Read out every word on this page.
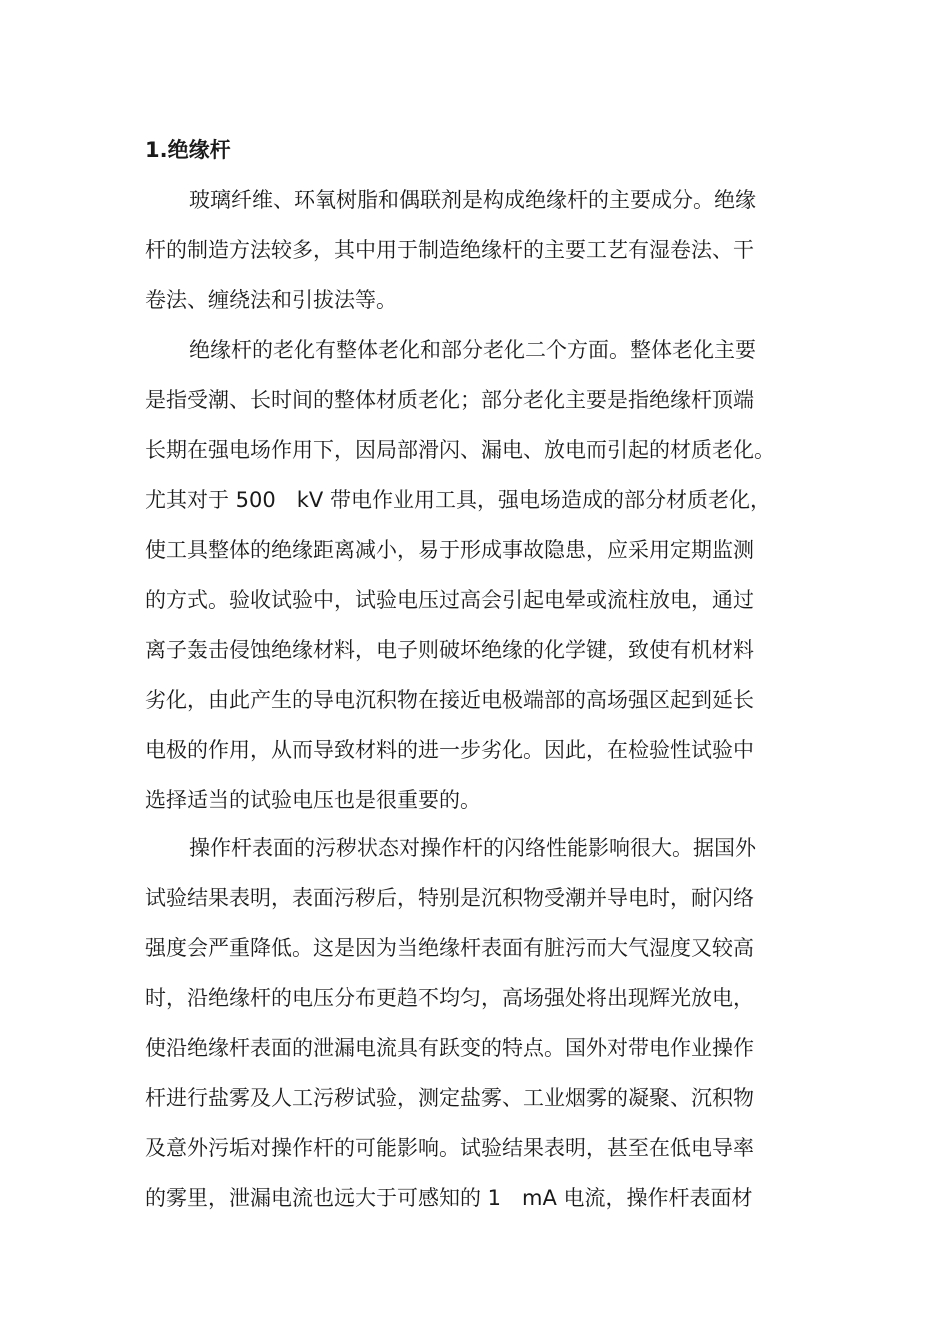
1.绝缘杆
玻璃纤维、环氧树脂和偶联剂是构成绝缘杆的主要成分。绝缘
杆的制造方法较多，其中用于制造绝缘杆的主要工艺有湿卷法、干
卷法、缠绕法和引拔法等。
绝缘杆的老化有整体老化和部分老化二个方面。整体老化主要
是指受潮、长时间的整体材质老化；部分老化主要是指绝缘杆顶端
长期在强电场作用下，因局部滑闪、漏电、放电而引起的材质老化。
尤其对于 500　kV 带电作业用工具，强电场造成的部分材质老化，
使工具整体的绝缘距离减小，易于形成事故隐患，应采用定期监测
的方式。验收试验中，试验电压过高会引起电晕或流柱放电，通过
离子轰击侵蚀绝缘材料，电子则破坏绝缘的化学键，致使有机材料
劣化，由此产生的导电沉积物在接近电极端部的高场强区起到延长
电极的作用，从而导致材料的进一步劣化。因此，在检验性试验中
选择适当的试验电压也是很重要的。
操作杆表面的污秽状态对操作杆的闪络性能影响很大。据国外
试验结果表明，表面污秽后，特别是沉积物受潮并导电时，耐闪络
强度会严重降低。这是因为当绝缘杆表面有脏污而大气湿度又较高
时，沿绝缘杆的电压分布更趋不均匀，高场强处将出现辉光放电，
使沿绝缘杆表面的泄漏电流具有跃变的特点。国外对带电作业操作
杆进行盐雾及人工污秽试验，测定盐雾、工业烟雾的凝聚、沉积物
及意外污垢对操作杆的可能影响。试验结果表明，甚至在低电导率
的雾里，泄漏电流也远大于可感知的 1　mA 电流，操作杆表面材
